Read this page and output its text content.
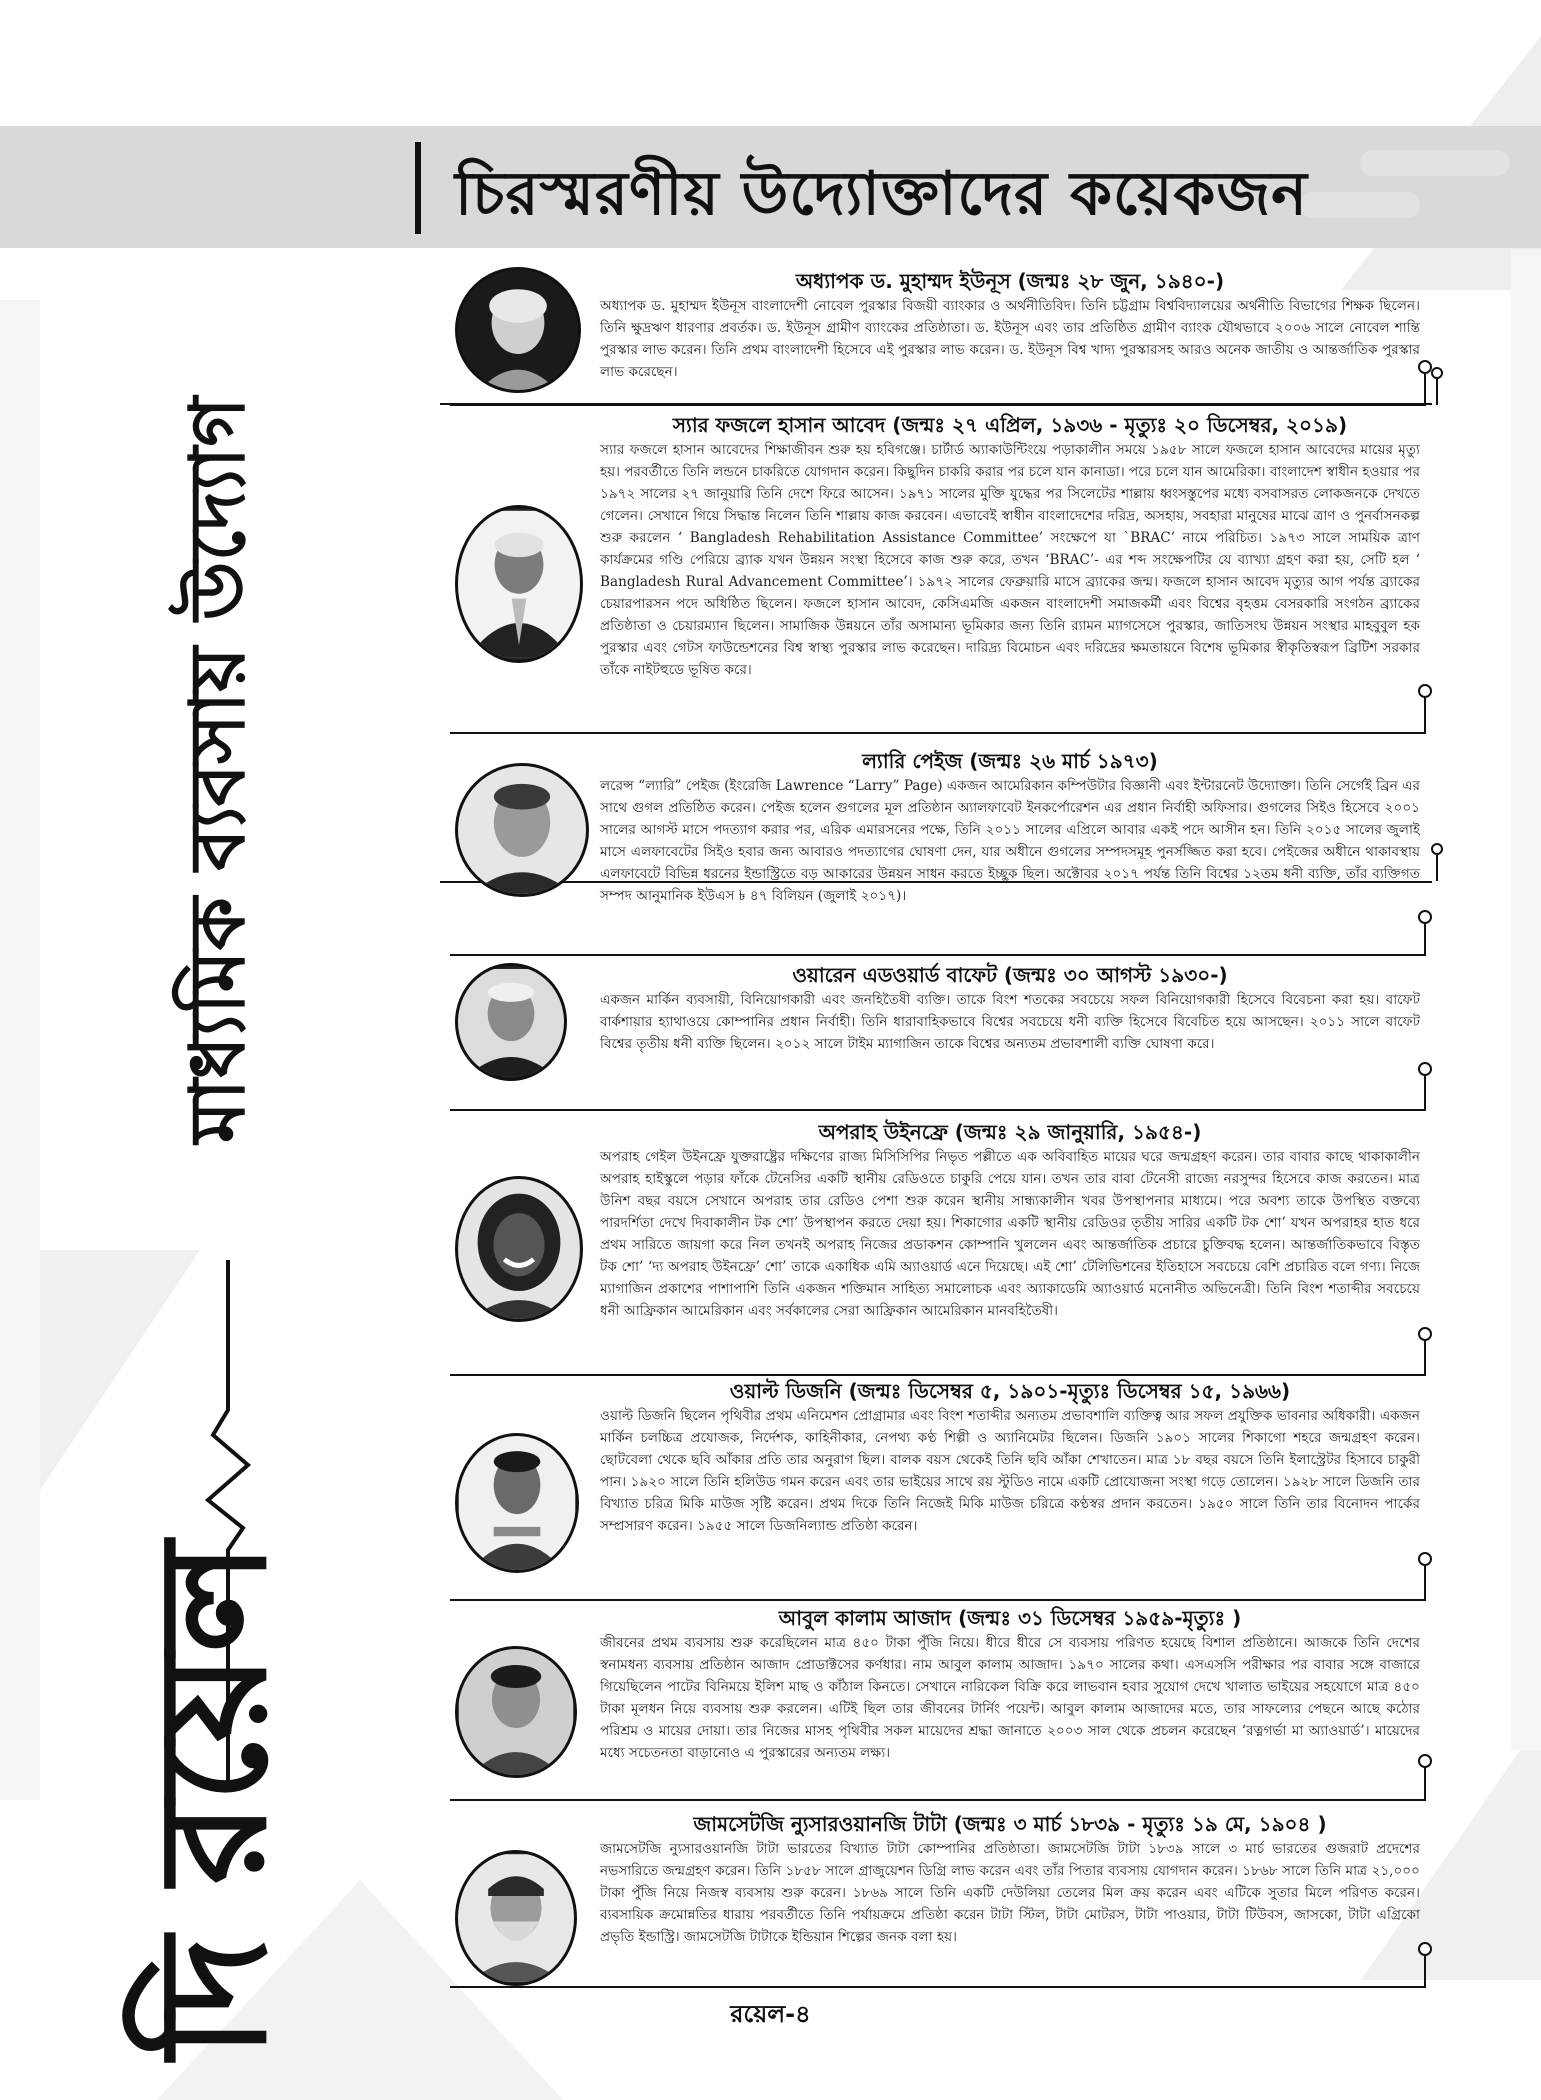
চিরস্মরণীয় উদ্যোক্তাদের কয়েকজন
মাধ্যমিক ব্যবসায় উদ্যোগ
দি রয়েল
অধ্যাপক ড. মুহাম্মদ ইউনূস (জন্মঃ ২৮ জুন, ১৯৪০-)

অধ্যাপক ড. মুহাম্মদ ইউনূস বাংলাদেশী নোবেল পুরস্কার বিজয়ী ব্যাংকার ও অর্থনীতিবিদ। তিনি চট্টগ্রাম বিশ্ববিদ্যালয়ের অর্থনীতি বিভাগের শিক্ষক ছিলেন। তিনি ক্ষুদ্রঋণ ধারণার প্রবর্তক। ড. ইউনূস গ্রামীণ ব্যাংকের প্রতিষ্ঠাতা। ড. ইউনূস এবং তার প্রতিষ্ঠিত গ্রামীণ ব্যাংক যৌথভাবে ২০০৬ সালে নোবেল শান্তি পুরস্কার লাভ করেন। তিনি প্রথম বাংলাদেশী হিসেবে এই পুরস্কার লাভ করেন। ড. ইউনূস বিশ্ব খাদ্য পুরস্কারসহ আরও অনেক জাতীয় ও আন্তর্জাতিক পুরস্কার লাভ করেছেন।

স্যার ফজলে হাসান আবেদ (জন্মঃ ২৭ এপ্রিল, ১৯৩৬ - মৃত্যুঃ ২০ ডিসেম্বর, ২০১৯)

স্যার ফজলে হাসান আবেদের শিক্ষাজীবন শুরু হয় হবিগঞ্জে। চার্টার্ড অ্যাকাউন্টিংয়ে পড়াকালীন সময়ে ১৯৫৮ সালে ফজলে হাসান আবেদের মায়ের মৃত্যু হয়। পরবর্তীতে তিনি লন্ডনে চাকরিতে যোগদান করেন। কিছুদিন চাকরি করার পর চলে যান কানাডা। পরে চলে যান আমেরিকা। বাংলাদেশ স্বাধীন হওয়ার পর ১৯৭২ সালের ২৭ জানুয়ারি তিনি দেশে ফিরে আসেন। ১৯৭১ সালের মুক্তি যুদ্ধের পর সিলেটের শাল্লায় ধ্বংসস্তুপের মধ্যে বসবাসরত লোকজনকে দেখতে গেলেন। সেখানে গিয়ে সিদ্ধান্ত নিলেন তিনি শাল্লায় কাজ করবেন। এভাবেই স্বাধীন বাংলাদেশের দরিদ্র, অসহায়, সবহারা মানুষের মাঝে ত্রাণ ও পুনর্বাসনকল্প শুরু করলেন ‘ Bangladesh Rehabilitation Assistance Committee’ সংক্ষেপে যা `BRAC’ নামে পরিচিত। ১৯৭৩ সালে সাময়িক ত্রাণ কার্যক্রমের গণ্ডি পেরিয়ে ব্র্যাক যখন উন্নয়ন সংস্থা হিসেবে কাজ শুরু করে, তখন ‘BRAC’- এর শব্দ সংক্ষেপটির যে ব্যাখ্যা গ্রহণ করা হয়, সেটি হল ‘ Bangladesh Rural Advancement Committee’। ১৯৭২ সালের ফেব্রুয়ারি মাসে ব্র্যাকের জন্ম। ফজলে হাসান আবেদ মৃত্যুর আগ পর্যন্ত ব্র্যাকের চেয়ারপারসন পদে অধিষ্ঠিত ছিলেন। ফজলে হাসান আবেদ, কেসিএমজি একজন বাংলাদেশী সমাজকর্মী এবং বিশ্বের বৃহত্তম বেসরকারি সংগঠন ব্র্যাকের প্রতিষ্ঠাতা ও চেয়ারম্যান ছিলেন। সামাজিক উন্নয়নে তাঁর অসামান্য ভূমিকার জন্য তিনি র‍্যামন ম্যাগসেসে পুরস্কার, জাতিসংঘ উন্নয়ন সংস্থার মাহবুবুল হক পুরস্কার এবং গেটস ফাউন্ডেশনের বিশ্ব স্বাস্থ্য পুরস্কার লাভ করেছেন। দারিদ্র্য বিমোচন এবং দরিদ্রের ক্ষমতায়নে বিশেষ ভূমিকার স্বীকৃতিস্বরূপ ব্রিটিশ সরকার তাঁকে নাইটহুডে ভূষিত করে।

ল্যারি পেইজ (জন্মঃ ২৬ মার্চ ১৯৭৩)

লরেন্স “ল্যারি” পেইজ (ইংরেজি Lawrence “Larry” Page) একজন আমেরিকান কম্পিউটার বিজ্ঞানী এবং ইন্টারনেট উদ্যোক্তা। তিনি সের্গেই ব্রিন এর সাথে গুগল প্রতিষ্ঠিত করেন। পেইজ হলেন গুগলের মূল প্রতিষ্ঠান অ্যালফাবেট ইনকর্পোরেশন এর প্রধান নির্বাহী অফিসার। গুগলের সিইও হিসেবে ২০০১ সালের আগস্ট মাসে পদত্যাগ করার পর, এরিক এমারসনের পক্ষে, তিনি ২০১১ সালের এপ্রিলে আবার একই পদে আসীন হন। তিনি ২০১৫ সালের জুলাই মাসে এলফাবেটের সিইও হবার জন্য আবারও পদত্যাগের ঘোষণা দেন, যার অধীনে গুগলের সম্পদসমূহ পুনর্সজ্জিত করা হবে। পেইজের অধীনে থাকাবস্থায় এলফাবেটে বিভিন্ন ধরনের ইন্ডাস্ট্রিতে বড় আকারের উন্নয়ন সাধন করতে ইচ্ছুক ছিল। অক্টোবর ২০১৭ পর্যন্ত তিনি বিশ্বের ১২তম ধনী ব্যক্তি, তাঁর ব্যক্তিগত সম্পদ আনুমানিক ইউএস ৳ ৪৭ বিলিয়ন (জুলাই ২০১৭)।

ওয়ারেন এডওয়ার্ড বাফেট (জন্মঃ ৩০ আগস্ট ১৯৩০-)

একজন মার্কিন ব্যবসায়ী, বিনিয়োগকারী এবং জনহিতৈষী ব্যক্তি। তাকে বিংশ শতকের সবচেয়ে সফল বিনিয়োগকারী হিসেবে বিবেচনা করা হয়। বাফেট বার্কশায়ার হ্যাথাওয়ে কোম্পানির প্রধান নির্বাহী। তিনি ধারাবাহিকভাবে বিশ্বের সবচেয়ে ধনী ব্যক্তি হিসেবে বিবেচিত হয়ে আসছেন। ২০১১ সালে বাফেট বিশ্বের তৃতীয় ধনী ব্যক্তি ছিলেন। ২০১২ সালে টাইম ম্যাগাজিন তাকে বিশ্বের অন্যতম প্রভাবশালী ব্যক্তি ঘোষণা করে।

অপরাহ উইনফ্রে (জন্মঃ ২৯ জানুয়ারি, ১৯৫৪-)

অপরাহ গেইল উইনফ্রে যুক্তরাষ্ট্রের দক্ষিণের রাজ্য মিসিসিপির নিভৃত পল্লীতে এক অবিবাহিত মায়ের ঘরে জন্মগ্রহণ করেন। তার বাবার কাছে থাকাকালীন অপরাহ হাইস্কুলে পড়ার ফাঁকে টেনেসির একটি স্থানীয় রেডিওতে চাকুরি পেয়ে যান। তখন তার বাবা টেনেসী রাজ্যে নরসুন্দর হিসেবে কাজ করতেন। মাত্র উনিশ বছর বয়সে সেখানে অপরাহ তার রেডিও পেশা শুরু করেন স্থানীয় সান্ধ্যকালীন খবর উপস্থাপনার মাধ্যমে। পরে অবশ্য তাকে উপস্থিত বক্তব্যে পারদর্শিতা দেখে দিবাকালীন টক শো’ উপস্থাপন করতে দেয়া হয়। শিকাগোর একটি স্থানীয় রেডিওর তৃতীয় সারির একটি টক শো’ যখন অপরাহর হাত ধরে প্রথম সারিতে জায়গা করে নিল তখনই অপরাহ নিজের প্রডাকশন কোম্পানি খুললেন এবং আন্তর্জাতিক প্রচারে চুক্তিবদ্ধ হলেন। আন্তর্জাতিকভাবে বিস্তৃত টক শো’ ‘দ্য অপরাহ উইনফ্রে’ শো’ তাকে একাধিক এমি অ্যাওয়ার্ড এনে দিয়েছে। এই শো’ টেলিভিশনের ইতিহাসে সবচেয়ে বেশি প্রচারিত বলে গণ্য। নিজে ম্যাগাজিন প্রকাশের পাশাপাশি তিনি একজন শক্তিমান সাহিত্য সমালোচক এবং অ্যাকাডেমি অ্যাওয়ার্ড মনোনীত অভিনেত্রী। তিনি বিংশ শতাব্দীর সবচেয়ে ধনী আফ্রিকান আমেরিকান এবং সর্বকালের সেরা আফ্রিকান আমেরিকান মানবহিতৈষী।

ওয়াল্ট ডিজনি (জন্মঃ ডিসেম্বর ৫, ১৯০১-মৃত্যুঃ ডিসেম্বর ১৫, ১৯৬৬)

ওয়াল্ট ডিজনি ছিলেন পৃথিবীর প্রথম এনিমেশন প্রোগ্রামার এবং বিংশ শতাব্দীর অন্যতম প্রভাবশালি ব্যক্তিত্ব আর সফল প্রযুক্তিক ভাবনার অধিকারী। একজন মার্কিন চলচ্চিত্র প্রযোজক, নির্দেশক, কাহিনীকার, নেপথ্য কণ্ঠ শিল্পী ও অ্যানিমেটর ছিলেন। ডিজনি ১৯০১ সালের শিকাগো শহরে জন্মগ্রহণ করেন। ছোটবেলা থেকে ছবি আঁকার প্রতি তার অনুরাগ ছিল। বালক বয়স থেকেই তিনি ছবি আঁকা শেখাতেন। মাত্র ১৮ বছর বয়সে তিনি ইলাস্ট্রেটর হিসাবে চাকুরী পান। ১৯২০ সালে তিনি হলিউড গমন করেন এবং তার ভাইয়ের সাথে রয় স্টুডিও নামে একটি প্রোযোজনা সংস্থা গড়ে তোলেন। ১৯২৮ সালে ডিজনি তার বিখ্যাত চরিত্র মিকি মাউজ সৃষ্টি করেন। প্রথম দিকে তিনি নিজেই মিকি মাউজ চরিত্রে কণ্ঠস্বর প্রদান করতেন। ১৯৫০ সালে তিনি তার বিনোদন পার্কের সম্প্রসারণ করেন। ১৯৫৫ সালে ডিজনিল্যান্ড প্রতিষ্ঠা করেন।

আবুল কালাম আজাদ (জন্মঃ ৩১ ডিসেম্বর ১৯৫৯-মৃত্যুঃ )

জীবনের প্রথম ব্যবসায় শুরু করেছিলেন মাত্র ৪৫০ টাকা পুঁজি নিয়ে। ধীরে ধীরে সে ব্যবসায় পরিণত হয়েছে বিশাল প্রতিষ্ঠানে। আজকে তিনি দেশের স্বনামধন্য ব্যবসায় প্রতিষ্ঠান আজাদ প্রোডাক্টসের কর্ণধার। নাম আবুল কালাম আজাদ। ১৯৭০ সালের কথা। এসএসসি পরীক্ষার পর বাবার সঙ্গে বাজারে গিয়েছিলেন পাটের বিনিময়ে ইলিশ মাছ ও কাঁঠাল কিনতে। সেখানে নারিকেল বিক্রি করে লাভবান হবার সুযোগ দেখে খালাত ভাইয়ের সহযোগে মাত্র ৪৫০ টাকা মূলধন নিয়ে ব্যবসায় শুরু করলেন। এটিই ছিল তার জীবনের টার্নিং পয়েন্ট। আবুল কালাম আজাদের মতে, তার সাফল্যের পেছনে আছে কঠোর পরিশ্রম ও মায়ের দোয়া। তার নিজের মাসহ পৃথিবীর সকল মায়েদের শ্রদ্ধা জানাতে ২০০৩ সাল থেকে প্রচলন করেছেন ‘রত্নগর্ভা মা অ্যাওয়ার্ড’। মায়েদের মধ্যে সচেতনতা বাড়ানোও এ পুরস্কারের অন্যতম লক্ষ্য।

জামসেটজি ন্যুসারওয়ানজি টাটা (জন্মঃ ৩ মার্চ ১৮৩৯ - মৃত্যুঃ ১৯ মে, ১৯০৪ )

জামসেটজি ন্যুসারওয়ানজি টাটা ভারতের বিখ্যাত টাটা কোম্পানির প্রতিষ্ঠাতা। জামসেটজি টাটা ১৮৩৯ সালে ৩ মার্চ ভারতের গুজরাট প্রদেশের নভসারিতে জন্মগ্রহণ করেন। তিনি ১৮৫৮ সালে গ্রাজুয়েশন ডিগ্রি লাভ করেন এবং তাঁর পিতার ব্যবসায় যোগদান করেন। ১৮৬৮ সালে তিনি মাত্র ২১,০০০ টাকা পুঁজি নিয়ে নিজস্ব ব্যবসায় শুরু করেন। ১৮৬৯ সালে তিনি একটি দেউলিয়া তেলের মিল ক্রয় করেন এবং এটিকে সুতার মিলে পরিণত করেন। ব্যবসায়িক ক্রমোন্নতির ধারায় পরবর্তীতে তিনি পর্যায়ক্রমে প্রতিষ্ঠা করেন টাটা স্টিল, টাটা মোটরস, টাটা পাওয়ার, টাটা টিউবস, জাসকো, টাটা এগ্রিকো প্রভৃতি ইন্ডাস্ট্রি। জামসেটজি টাটাকে ইন্ডিয়ান শিল্পের জনক বলা হয়।

রয়েল-৪
